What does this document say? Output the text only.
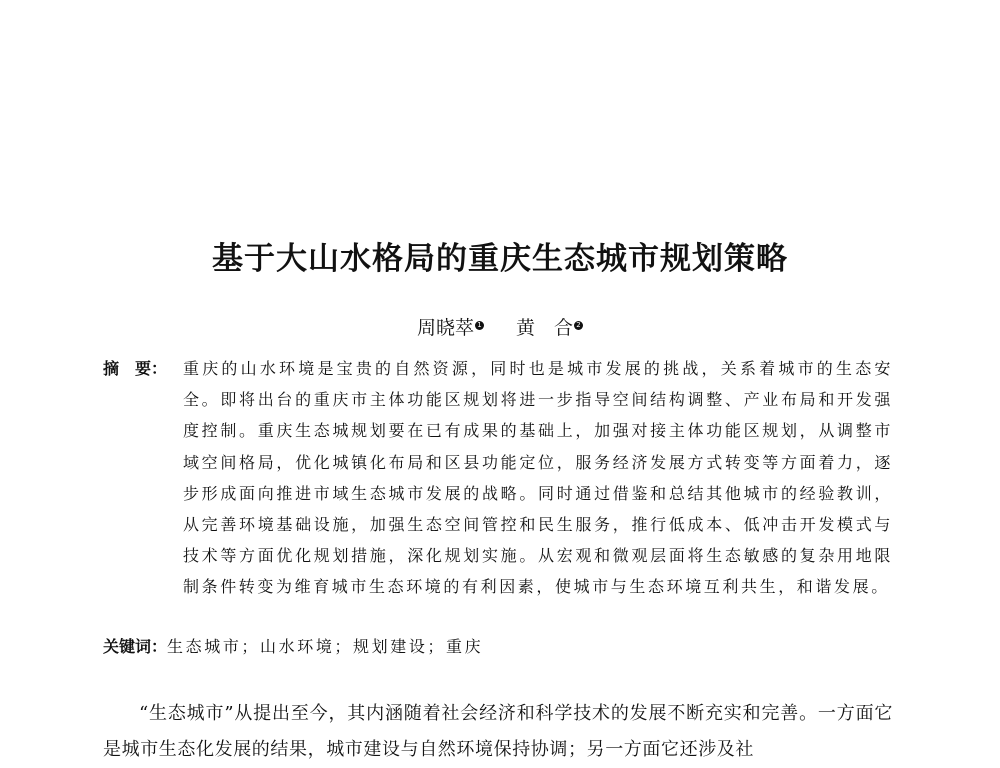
基于大山水格局的重庆生态城市规划策略
周晓萃 1 黄　合 2
摘　要： 重庆的山水环境是宝贵的自然资源，同时也是城市发展的挑战，关系着城市的生态安全。即将出台的重庆市主体功能区规划将进一步指导空间结构调整、产业布局和开发强度控制。重庆生态城规划要在已有成果的基础上，加强对接主体功能区规划，从调整市域空间格局，优化城镇化布局和区县功能定位，服务经济发展方式转变等方面着力，逐步形成面向推进市域生态城市发展的战略。同时通过借鉴和总结其他城市的经验教训，从完善环境基础设施，加强生态空间管控和民生服务，推行低成本、低冲击开发模式与技术等方面优化规划措施，深化规划实施。从宏观和微观层面将生态敏感的复杂用地限制条件转变为维育城市生态环境的有利因素，使城市与生态环境互利共生，和谐发展。
关键词：生态城市；山水环境；规划建设；重庆
“生态城市”从提出至今，其内涵随着社会经济和科学技术的发展不断充实和完善。一方面它是城市生态化发展的结果，城市建设与自然环境保持协调；另一方面它还涉及社
